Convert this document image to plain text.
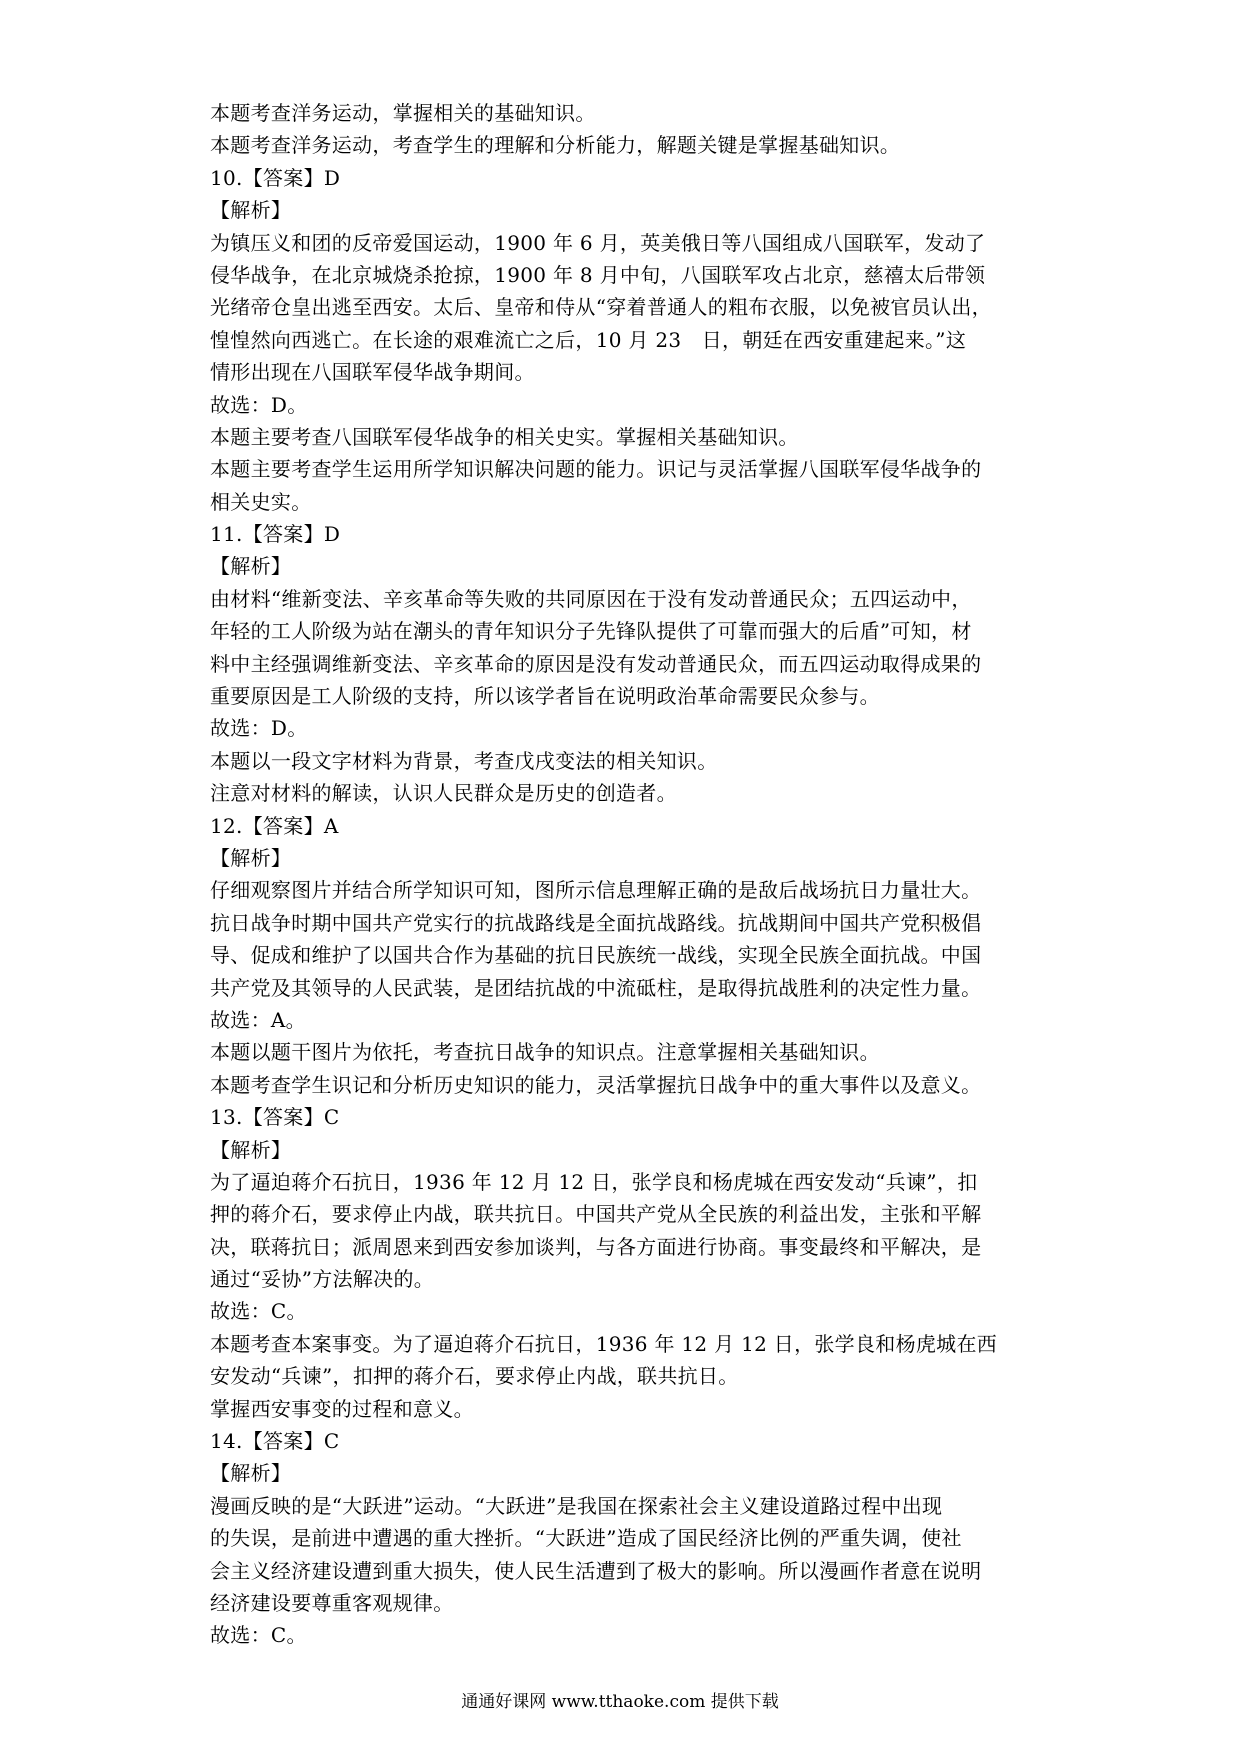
本题考查洋务运动，掌握相关的基础知识。
本题考查洋务运动，考查学生的理解和分析能力，解题关键是掌握基础知识。
10.【答案】D
【解析】
为镇压义和团的反帝爱国运动，1900 年 6 月，英美俄日等八国组成八国联军，发动了
侵华战争，在北京城烧杀抢掠，1900 年 8 月中旬，八国联军攻占北京，慈禧太后带领
光绪帝仓皇出逃至西安。太后、皇帝和侍从“穿着普通人的粗布衣服，以免被官员认出，
惶惶然向西逃亡。在长途的艰难流亡之后，10 月 23　日，朝廷在西安重建起来。”这
情形出现在八国联军侵华战争期间。
故选：D。
本题主要考查八国联军侵华战争的相关史实。掌握相关基础知识。
本题主要考查学生运用所学知识解决问题的能力。识记与灵活掌握八国联军侵华战争的
相关史实。
11.【答案】D
【解析】
由材料“维新变法、辛亥革命等失败的共同原因在于没有发动普通民众；五四运动中，
年轻的工人阶级为站在潮头的青年知识分子先锋队提供了可靠而强大的后盾”可知，材
料中主经强调维新变法、辛亥革命的原因是没有发动普通民众，而五四运动取得成果的
重要原因是工人阶级的支持，所以该学者旨在说明政治革命需要民众参与。
故选：D。
本题以一段文字材料为背景，考查戊戌变法的相关知识。
注意对材料的解读，认识人民群众是历史的创造者。
12.【答案】A
【解析】
仔细观察图片并结合所学知识可知，图所示信息理解正确的是敌后战场抗日力量壮大。
抗日战争时期中国共产党实行的抗战路线是全面抗战路线。抗战期间中国共产党积极倡
导、促成和维护了以国共合作为基础的抗日民族统一战线，实现全民族全面抗战。中国
共产党及其领导的人民武装，是团结抗战的中流砥柱，是取得抗战胜利的决定性力量。
故选：A。
本题以题干图片为依托，考查抗日战争的知识点。注意掌握相关基础知识。
本题考查学生识记和分析历史知识的能力，灵活掌握抗日战争中的重大事件以及意义。
13.【答案】C
【解析】
为了逼迫蒋介石抗日，1936 年 12 月 12 日，张学良和杨虎城在西安发动“兵谏”，扣
押的蒋介石，要求停止内战，联共抗日。中国共产党从全民族的利益出发，主张和平解
决，联蒋抗日；派周恩来到西安参加谈判，与各方面进行协商。事变最终和平解决，是
通过“妥协”方法解决的。
故选：C。
本题考查本案事变。为了逼迫蒋介石抗日，1936 年 12 月 12 日，张学良和杨虎城在西
安发动“兵谏”，扣押的蒋介石，要求停止内战，联共抗日。
掌握西安事变的过程和意义。
14.【答案】C
【解析】
漫画反映的是“大跃进”运动。“大跃进”是我国在探索社会主义建设道路过程中出现
的失误，是前进中遭遇的重大挫折。“大跃进”造成了国民经济比例的严重失调，使社
会主义经济建设遭到重大损失，使人民生活遭到了极大的影响。所以漫画作者意在说明
经济建设要尊重客观规律。
故选：C。
通通好课网 www.tthaoke.com 提供下载
